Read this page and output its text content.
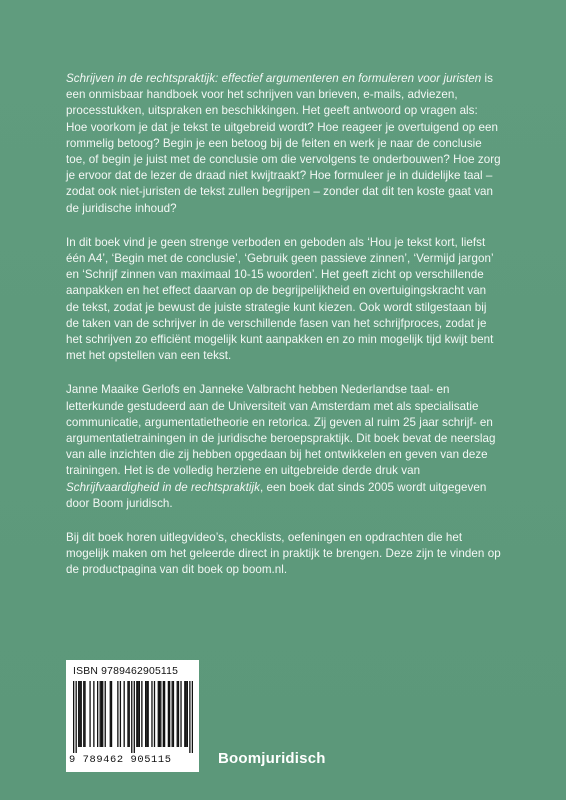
Schrijven in de rechtspraktijk: effectief argumenteren en formuleren voor juristen is een onmisbaar handboek voor het schrijven van brieven, e-mails, adviezen, processtukken, uitspraken en beschikkingen. Het geeft antwoord op vragen als: Hoe voorkom je dat je tekst te uitgebreid wordt? Hoe reageer je overtuigend op een rommelig betoog? Begin je een betoog bij de feiten en werk je naar de conclusie toe, of begin je juist met de conclusie om die vervolgens te onderbouwen? Hoe zorg je ervoor dat de lezer de draad niet kwijtraakt? Hoe formuleer je in duidelijke taal – zodat ook niet-juristen de tekst zullen begrijpen – zonder dat dit ten koste gaat van de juridische inhoud?

In dit boek vind je geen strenge verboden en geboden als ‘Hou je tekst kort, liefst één A4’, ‘Begin met de conclusie’, ‘Gebruik geen passieve zinnen’, ‘Vermijd jargon’ en ‘Schrijf zinnen van maximaal 10-15 woorden’. Het geeft zicht op verschillende aanpakken en het effect daarvan op de begrijpelijkheid en overtuigingskracht van de tekst, zodat je bewust de juiste strategie kunt kiezen. Ook wordt stilgestaan bij de taken van de schrijver in de verschillende fasen van het schrijfproces, zodat je het schrijven zo efficiënt mogelijk kunt aanpakken en zo min mogelijk tijd kwijt bent met het opstellen van een tekst.

Janne Maaike Gerlofs en Janneke Valbracht hebben Nederlandse taal- en letterkunde gestudeerd aan de Universiteit van Amsterdam met als specialisatie communicatie, argumentatietheorie en retorica. Zij geven al ruim 25 jaar schrijf- en argumentatietrainingen in de juridische beroepspraktijk. Dit boek bevat de neerslag van alle inzichten die zij hebben opgedaan bij het ontwikkelen en geven van deze trainingen. Het is de volledig herziene en uitgebreide derde druk van Schrijfvaardigheid in de rechtspraktijk, een boek dat sinds 2005 wordt uitgegeven door Boom juridisch.

Bij dit boek horen uitlegvideo’s, checklists, oefeningen en opdrachten die het mogelijk maken om het geleerde direct in praktijk te brengen. Deze zijn te vinden op de productpagina van dit boek op boom.nl.

ISBN 9789462905115
9 789462 905115	Boomjuridisch
